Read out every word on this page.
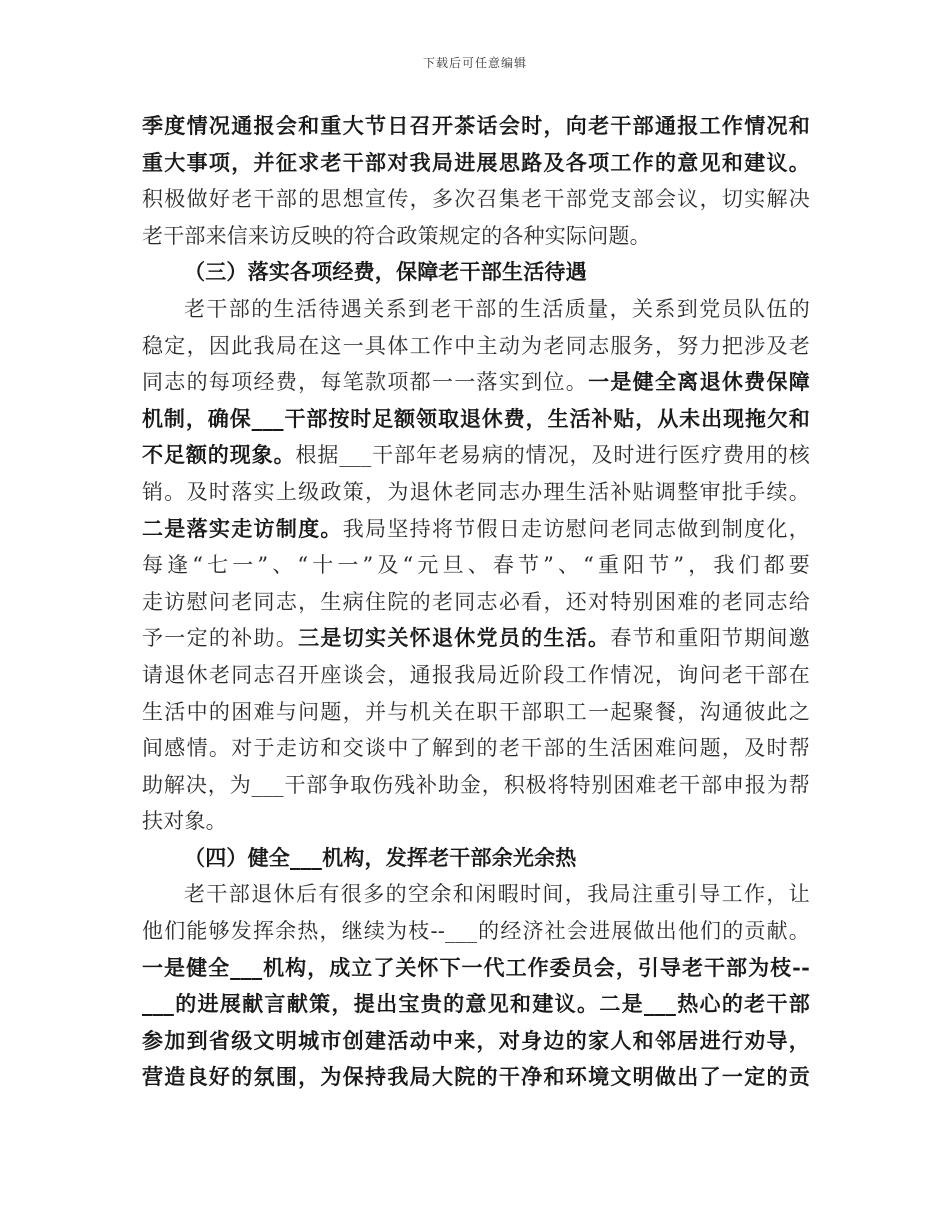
下载后可任意编辑
季度情况通报会和重大节日召开茶话会时，向老干部通报工作情况和
重大事项，并征求老干部对我局进展思路及各项工作的意见和建议。
积极做好老干部的思想宣传，多次召集老干部党支部会议，切实解决
老干部来信来访反映的符合政策规定的各种实际问题。
（三）落实各项经费，保障老干部生活待遇
老干部的生活待遇关系到老干部的生活质量，关系到党员队伍的
稳定，因此我局在这一具体工作中主动为老同志服务，努力把涉及老
同志的每项经费，每笔款项都一一落实到位。一是健全离退休费保障
机制，确保___干部按时足额领取退休费，生活补贴，从未出现拖欠和
不足额的现象。根据___干部年老易病的情况，及时进行医疗费用的核
销。及时落实上级政策，为退休老同志办理生活补贴调整审批手续。
二是落实走访制度。我局坚持将节假日走访慰问老同志做到制度化，
每逢“七一”、“十一”及“元旦、春节”、“重阳节”，我们都要
走访慰问老同志，生病住院的老同志必看，还对特别困难的老同志给
予一定的补助。三是切实关怀退休党员的生活。春节和重阳节期间邀
请退休老同志召开座谈会，通报我局近阶段工作情况，询问老干部在
生活中的困难与问题，并与机关在职干部职工一起聚餐，沟通彼此之
间感情。对于走访和交谈中了解到的老干部的生活困难问题，及时帮
助解决，为___干部争取伤残补助金，积极将特别困难老干部申报为帮
扶对象。
（四）健全___机构，发挥老干部余光余热
老干部退休后有很多的空余和闲暇时间，我局注重引导工作，让
他们能够发挥余热，继续为枝--___的经济社会进展做出他们的贡献。
一是健全___机构，成立了关怀下一代工作委员会，引导老干部为枝--
___的进展献言献策，提出宝贵的意见和建议。二是___热心的老干部
参加到省级文明城市创建活动中来，对身边的家人和邻居进行劝导，
营造良好的氛围，为保持我局大院的干净和环境文明做出了一定的贡
